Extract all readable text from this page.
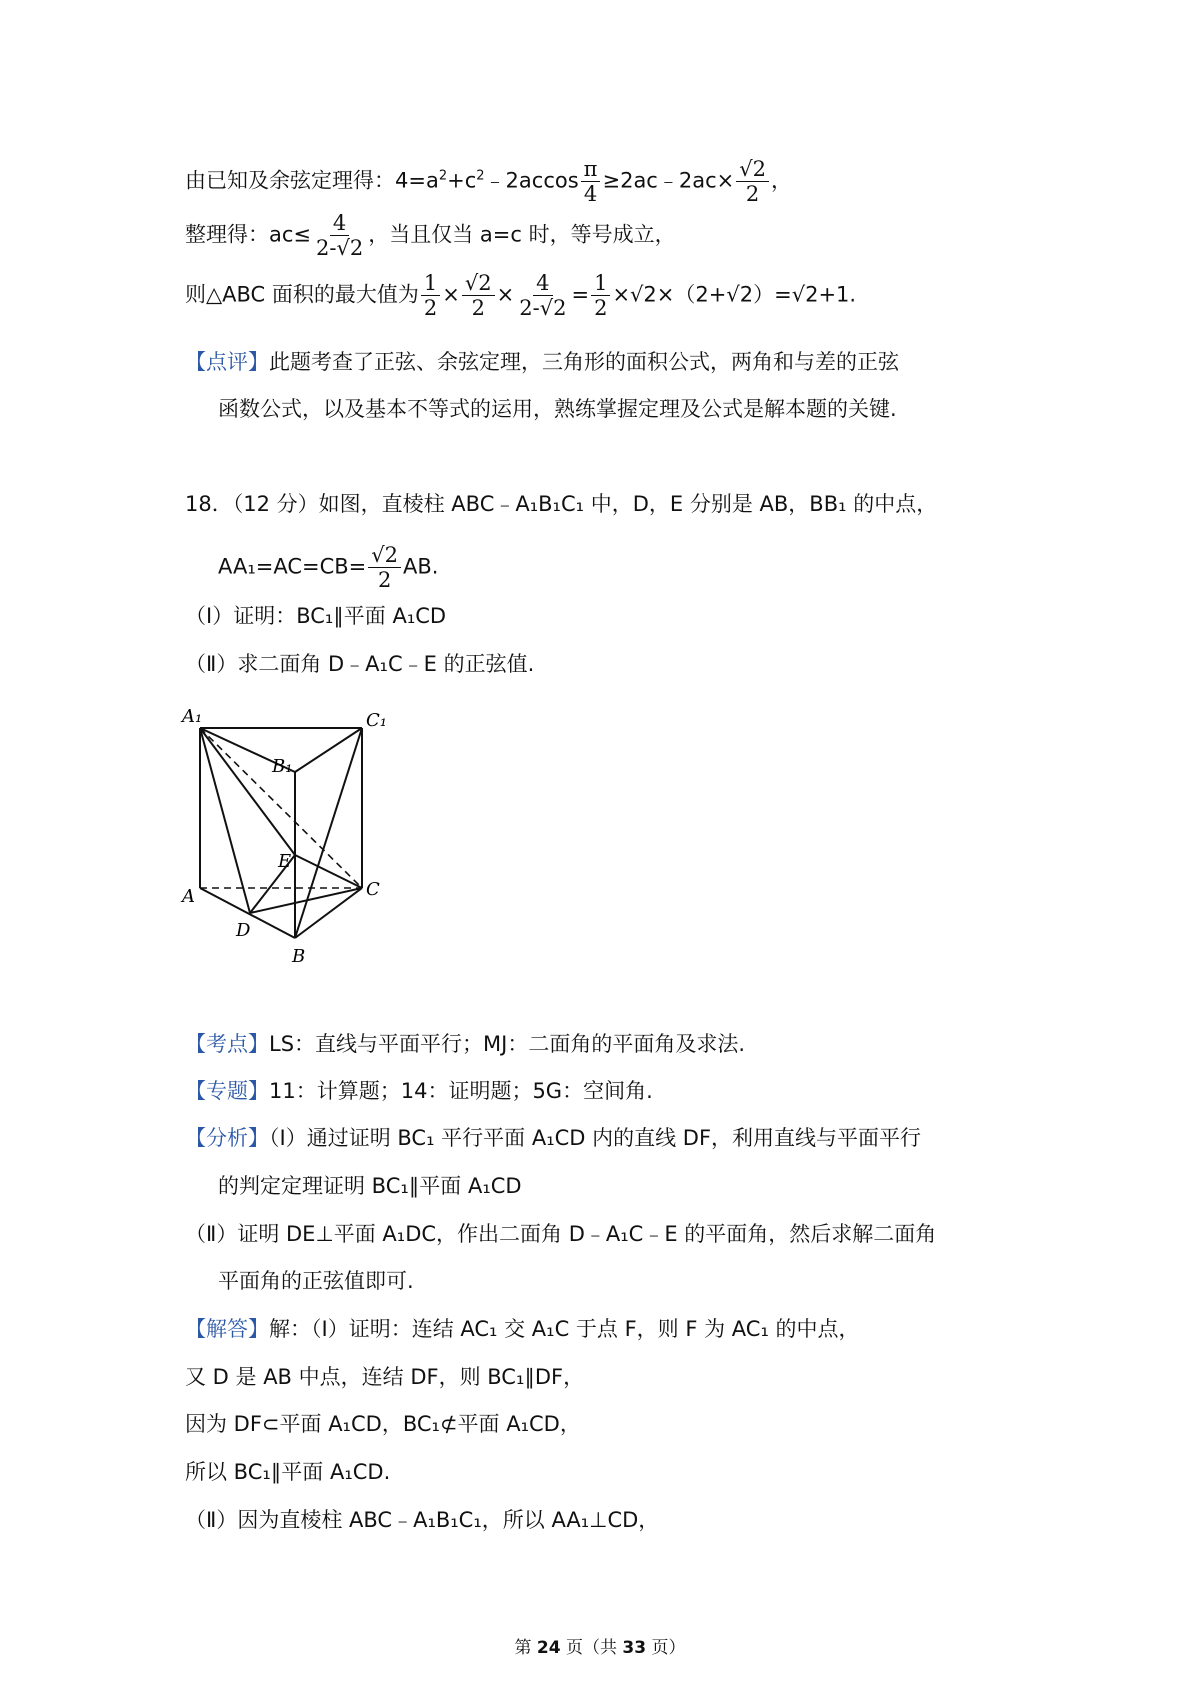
由已知及余弦定理得：$4=a^2+c^2﹣2accos \frac{\pi}{4}$ ≥2ac﹣2ac× $\frac{√2}{2}$ ，
整理得：$ac\le \frac{4}{2-√2}$ ，当且仅当 a=c 时，等号成立，
则△ABC 面积的最大值为 $\frac{1}{2} \times \frac{√2}{2} \times \frac{4}{2-√2} = \frac{1}{2} \times√2\times(2+√2)=√2+1$.
【点评】此题考查了正弦、余弦定理，三角形的面积公式，两角和与差的正弦
函数公式，以及基本不等式的运用，熟练掌握定理及公式是解本题的关键.
18．（12 分）如图，直棱柱 ABC﹣A₁B₁C₁ 中，D，E 分别是 AB，BB₁ 的中点，
$AA_1=AC=CB= \frac{√2}{2}$ AB.
（Ⅰ）证明：BC₁∥平面 A₁CD
（Ⅱ）求二面角 D﹣A₁C﹣E 的正弦值.
A₁	C₁
B₁
E
A	C
D
B
【考点】LS：直线与平面平行；MJ：二面角的平面角及求法.
【专题】11：计算题；14：证明题；5G：空间角.
【分析】（Ⅰ）通过证明 BC₁ 平行平面 A₁CD 内的直线 DF，利用直线与平面平行
的判定定理证明 BC₁∥平面 A₁CD
（Ⅱ）证明 DE⊥平面 A₁DC，作出二面角 D﹣A₁C﹣E 的平面角，然后求解二面角
平面角的正弦值即可.
【解答】解：（Ⅰ）证明：连结 AC₁ 交 A₁C 于点 F，则 F 为 AC₁ 的中点，
又 D 是 AB 中点，连结 DF，则 BC₁∥DF，
因为 DF⊂平面 A₁CD，BC₁⊄平面 A₁CD，
所以 BC₁∥平面 A₁CD.
（Ⅱ）因为直棱柱 ABC﹣A₁B₁C₁，所以 AA₁⊥CD，
第 24 页（共 33 页）
